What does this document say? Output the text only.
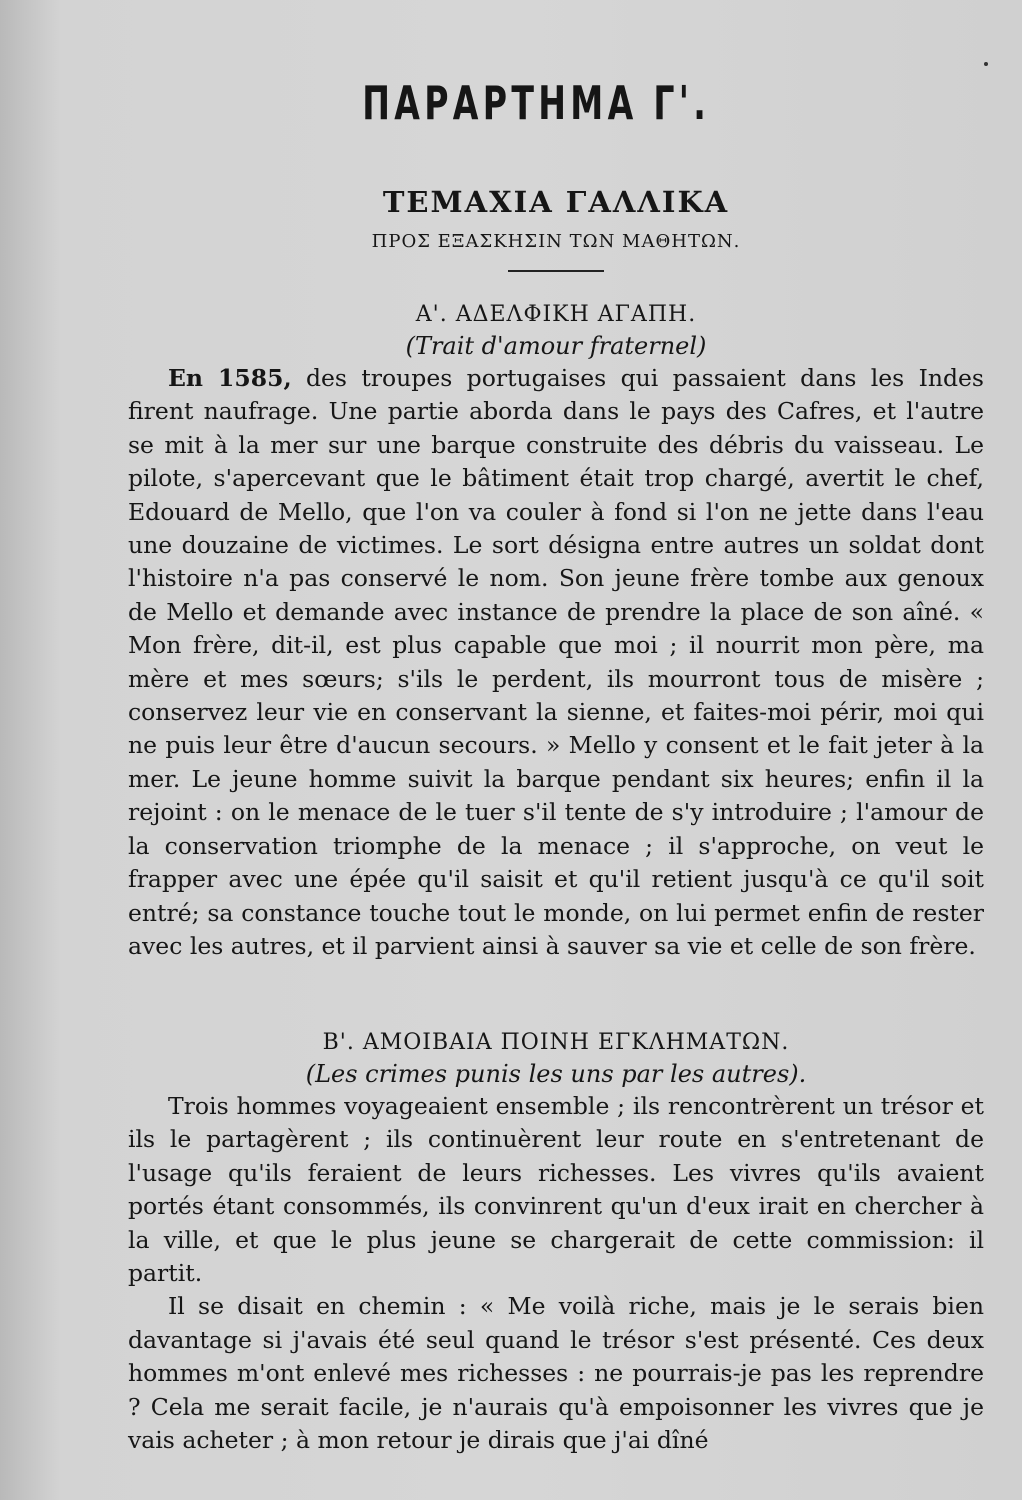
ΠΑΡΑΡΤΗΜΑ Γ'.
ΤΕΜΑΧΙΑ ΓΑΛΛΙΚΑ

ΠΡΟΣ ΕΞΑΣΚΗΣΙΝ ΤΩΝ ΜΑΘΗΤΩΝ.

Α'. ΑΔΕΛΦΙΚΗ ΑΓΑΠΗ.

(Trait d'amour fraternel)

En 1585, des troupes portugaises qui passaient dans les Indes firent naufrage. Une partie aborda dans le pays des Cafres, et l'autre se mit à la mer sur une barque construite des débris du vaisseau. Le pilote, s'apercevant que le bâtiment était trop chargé, avertit le chef, Edouard de Mello, que l'on va couler à fond si l'on ne jette dans l'eau une douzaine de victimes. Le sort désigna entre autres un soldat dont l'histoire n'a pas conservé le nom. Son jeune frère tombe aux genoux de Mello et demande avec instance de prendre la place de son aîné. « Mon frère, dit-il, est plus capable que moi ; il nourrit mon père, ma mère et mes sœurs; s'ils le perdent, ils mourront tous de misère ; conservez leur vie en conservant la sienne, et faites-moi périr, moi qui ne puis leur être d'aucun secours. » Mello y consent et le fait jeter à la mer. Le jeune homme suivit la barque pendant six heures; enfin il la rejoint : on le menace de le tuer s'il tente de s'y introduire ; l'amour de la conservation triomphe de la menace ; il s'approche, on veut le frapper avec une épée qu'il saisit et qu'il retient jusqu'à ce qu'il soit entré; sa constance touche tout le monde, on lui permet enfin de rester avec les autres, et il parvient ainsi à sauver sa vie et celle de son frère.

Β'. ΑΜΟΙΒΑΙΑ ΠΟΙΝΗ ΕΓΚΛΗΜΑΤΩΝ.

(Les crimes punis les uns par les autres).

Trois hommes voyageaient ensemble ; ils rencontrèrent un trésor et ils le partagèrent ; ils continuèrent leur route en s'entretenant de l'usage qu'ils feraient de leurs richesses. Les vivres qu'ils avaient portés étant consommés, ils convinrent qu'un d'eux irait en chercher à la ville, et que le plus jeune se chargerait de cette commission: il partit.

Il se disait en chemin : « Me voilà riche, mais je le serais bien davantage si j'avais été seul quand le trésor s'est présenté. Ces deux hommes m'ont enlevé mes richesses : ne pourrais-je pas les reprendre ? Cela me serait facile, je n'aurais qu'à empoisonner les vivres que je vais acheter ; à mon retour je dirais que j'ai dîné
